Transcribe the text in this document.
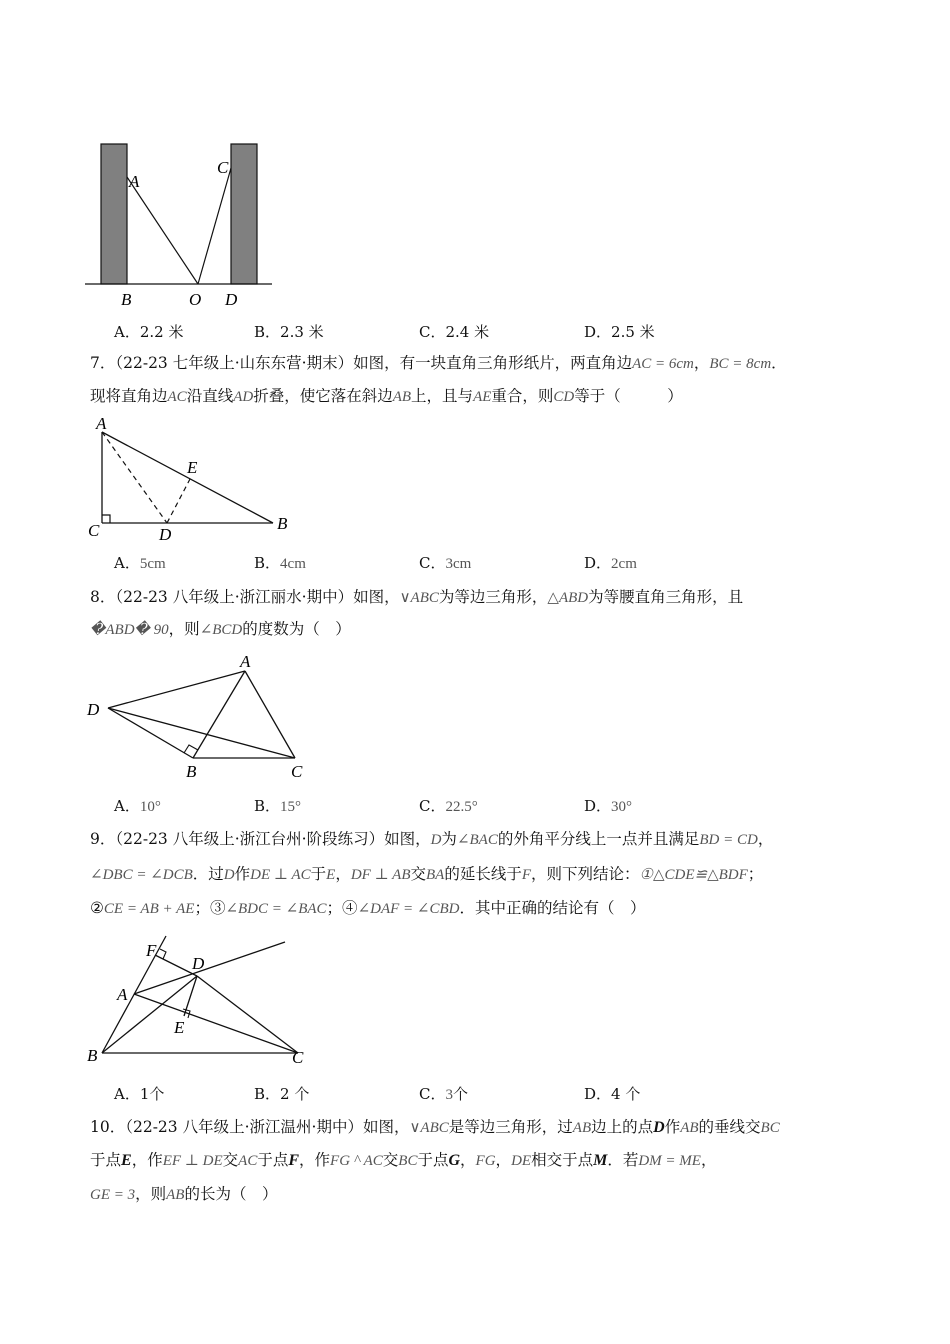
A
C
B	O D
A．2.2 米	B．2.3 米	C．2.4 米	D．2.5 米
7．（22-23 七年级上·山东东营·期末）如图，有一块直角三角形纸片，两直角边AC = 6cm，BC = 8cm．
现将直角边AC沿直线AD折叠，使它落在斜边AB上，且与AE重合，则CD等于（　　　）
A
E
C	D
B
A．5cm	B．4cm	C．3cm	D．2cm
8．（22-23 八年级上·浙江丽水·期中）如图，∨ABC为等边三角形，△ABD为等腰直角三角形，且
�ABD� 90，则∠BCD的度数为（　）
A
D
B	C
A．10°	B．15°	C．22.5°	D．30°
9．（22-23 八年级上·浙江台州·阶段练习）如图，D为∠BAC的外角平分线上一点并且满足BD = CD，
∠DBC = ∠DCB．过D作DE ⊥ AC于E，DF ⊥ AB交BA的延长线于F，则下列结论：①△CDE≌△BDF；
②CE = AB + AE；③∠BDC = ∠BAC；④∠DAF = ∠CBD．其中正确的结论有（　）
F
D
A
E
B	C
A．1个	B．2 个	C．3个	D．4 个
10．（22-23 八年级上·浙江温州·期中）如图，∨ABC是等边三角形，过AB边上的点D作AB的垂线交BC
于点E，作EF ⊥ DE交AC于点F，作FG ^ AC交BC于点G，FG，DE相交于点M．若DM = ME，
GE = 3，则AB的长为（　）
